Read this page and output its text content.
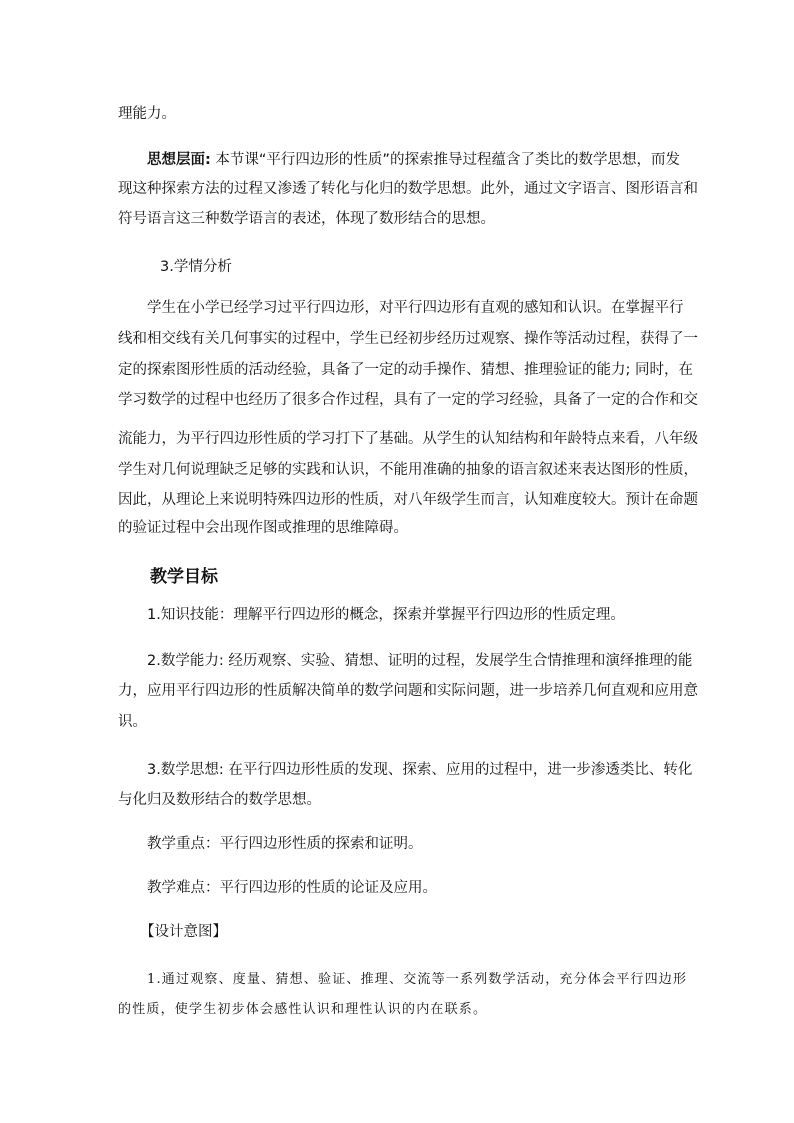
理能力。
思想层面: 本节课“平行四边形的性质”的探索推导过程蕴含了类比的数学思想，而发
现这种探索方法的过程又渗透了转化与化归的数学思想。此外，通过文字语言、图形语言和
符号语言这三种数学语言的表述，体现了数形结合的思想。
3.学情分析
学生在小学已经学习过平行四边形，对平行四边形有直观的感知和认识。在掌握平行
线和相交线有关几何事实的过程中，学生已经初步经历过观察、操作等活动过程，获得了一
定的探索图形性质的活动经验，具备了一定的动手操作、猜想、推理验证的能力; 同时，在
学习数学的过程中也经历了很多合作过程，具有了一定的学习经验，具备了一定的合作和交
流能力，为平行四边形性质的学习打下了基础。从学生的认知结构和年龄特点来看，八年级
学生对几何说理缺乏足够的实践和认识，不能用准确的抽象的语言叙述来表达图形的性质，
因此，从理论上来说明特殊四边形的性质，对八年级学生而言，认知难度较大。预计在命题
的验证过程中会出现作图或推理的思维障碍。
教学目标
1.知识技能：理解平行四边形的概念，探索并掌握平行四边形的性质定理。
2.数学能力: 经历观察、实验、猜想、证明的过程，发展学生合情推理和演绎推理的能
力，应用平行四边形的性质解决简单的数学问题和实际问题，进一步培养几何直观和应用意
识。
3.数学思想: 在平行四边形性质的发现、探索、应用的过程中，进一步渗透类比、转化
与化归及数形结合的数学思想。
教学重点：平行四边形性质的探索和证明。
教学难点：平行四边形的性质的论证及应用。
【设计意图】
1.通过观察、度量、猜想、验证、推理、交流等一系列数学活动，充分体会平行四边形
的性质，使学生初步体会感性认识和理性认识的内在联系。
